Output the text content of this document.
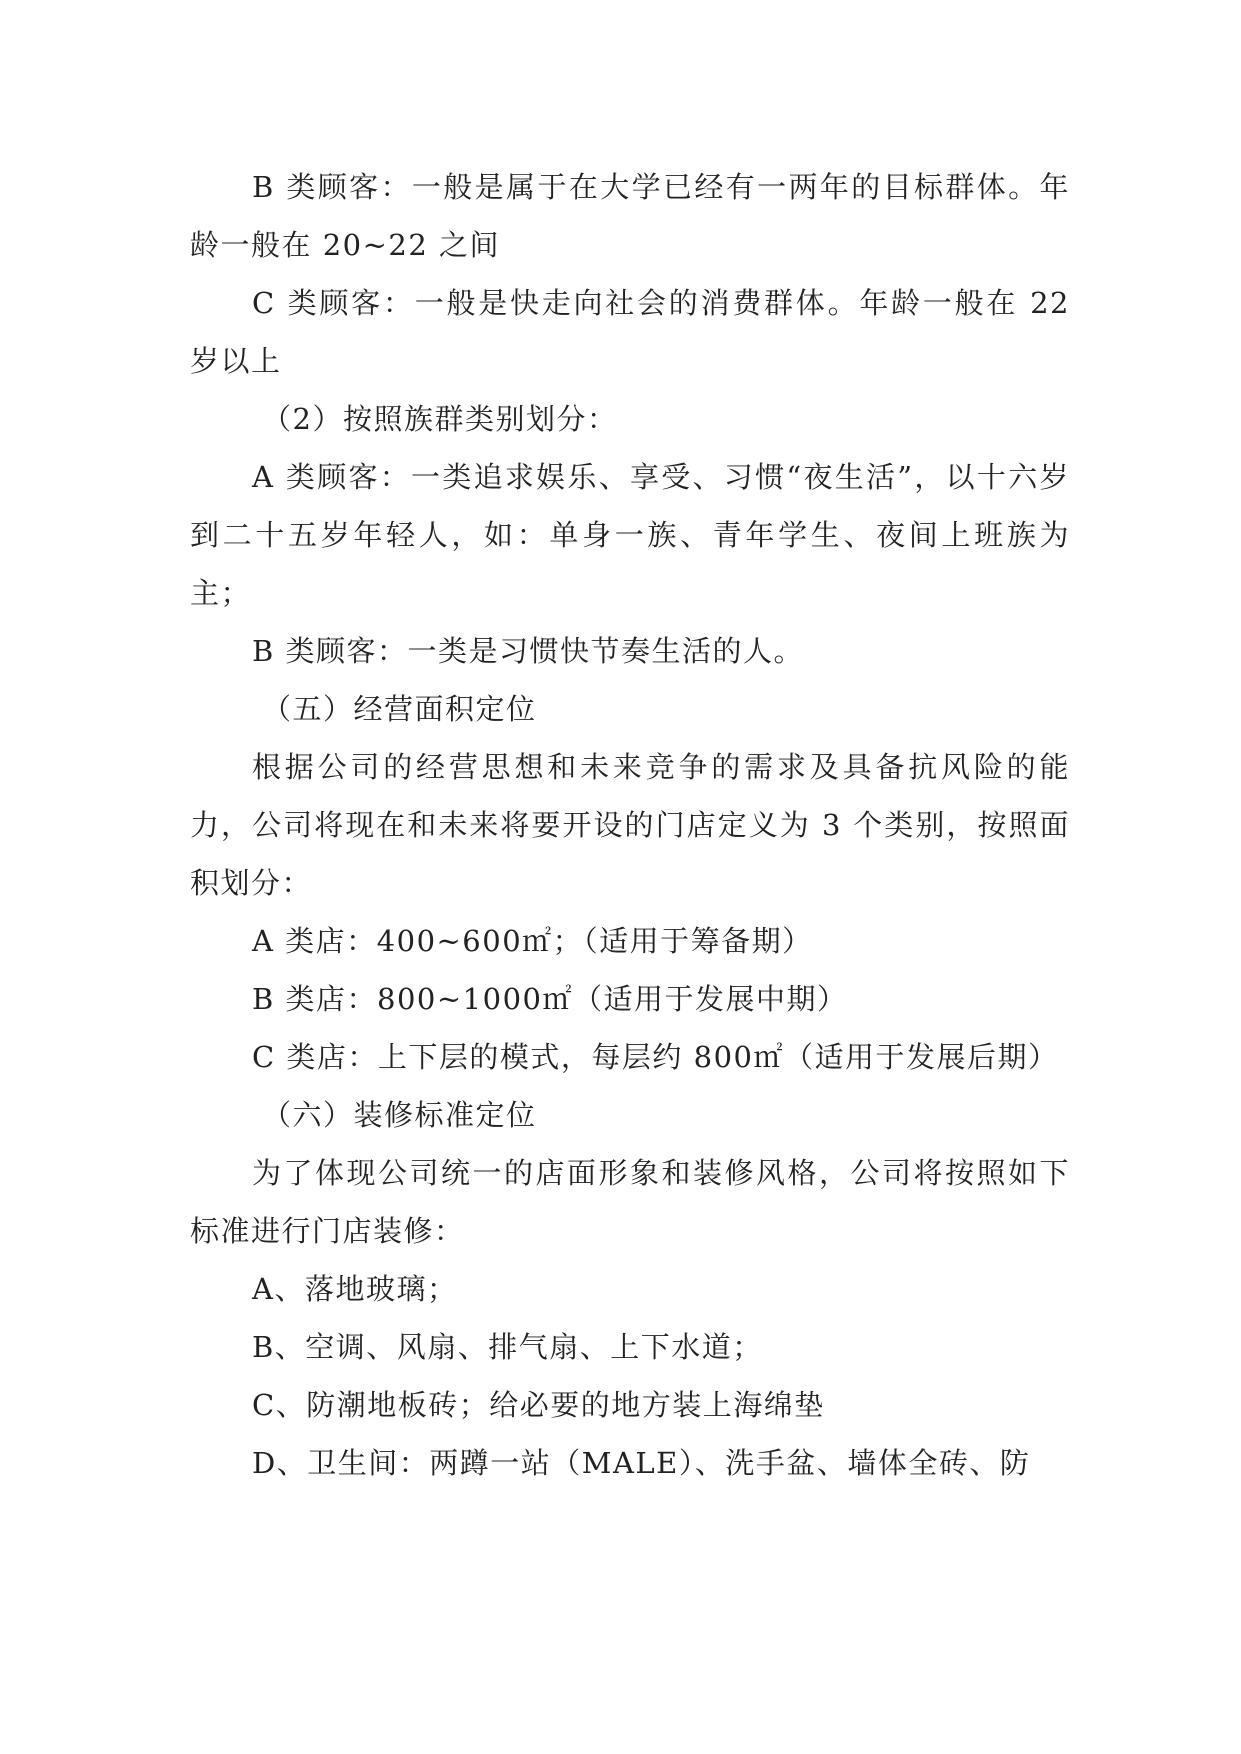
B 类顾客：一般是属于在大学已经有一两年的目标群体。年龄一般在 20~22 之间

C 类顾客：一般是快走向社会的消费群体。年龄一般在 22 岁以上

（2）按照族群类别划分：

A 类顾客：一类追求娱乐、享受、习惯“夜生活”，以十六岁到二十五岁年轻人，如：单身一族、青年学生、夜间上班族为主；

B 类顾客：一类是习惯快节奏生活的人。

（五）经营面积定位

根据公司的经营思想和未来竞争的需求及具备抗风险的能力，公司将现在和未来将要开设的门店定义为 3 个类别，按照面积划分：

A 类店：400~600㎡；（适用于筹备期）

B 类店：800~1000㎡（适用于发展中期）

C 类店：上下层的模式，每层约 800㎡（适用于发展后期）

（六）装修标准定位

为了体现公司统一的店面形象和装修风格，公司将按照如下标准进行门店装修：

A、落地玻璃；

B、空调、风扇、排气扇、上下水道；

C、防潮地板砖；给必要的地方装上海绵垫

D、卫生间：两蹲一站（MALE）、洗手盆、墙体全砖、防
